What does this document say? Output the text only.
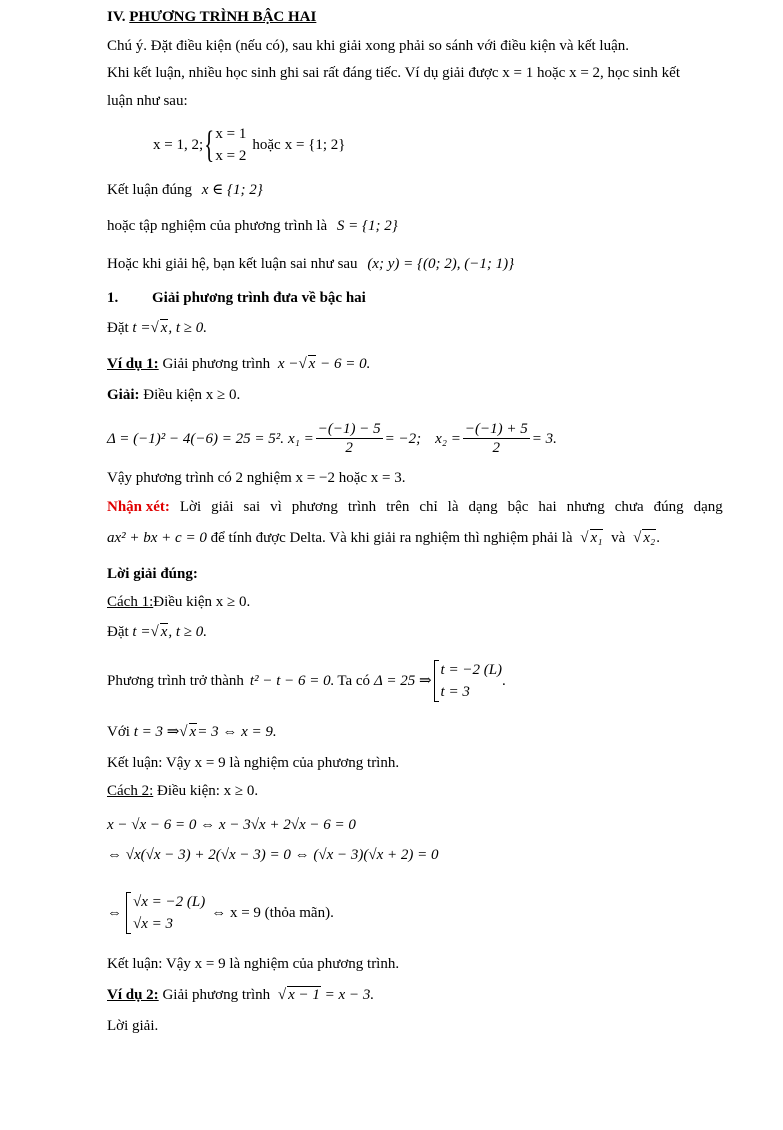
IV. PHƯƠNG TRÌNH BẬC HAI
Chú ý. Đặt điều kiện (nếu có), sau khi giải xong phải so sánh với điều kiện và kết luận.
Khi kết luận, nhiều học sinh ghi sai rất đáng tiếc. Ví dụ giải được x = 1 hoặc x = 2, học sinh kết
luận như sau:
x = 1, 2; { x = 1
x = 2
hoặc x = {1; 2}
Kết luận đúng x ∈ {1; 2}
hoặc tập nghiệm của phương trình là S = {1; 2}
Hoặc khi giải hệ, bạn kết luận sai như sau (x; y) = {(0; 2), (−1; 1)}
1. Giải phương trình đưa về bậc hai
Đặt t =√ x, t ≥ 0.
Ví dụ 1: Giải phương trình x −√ x − 6 = 0.
Giải: Điều kiện x ≥ 0.
Δ = (−1)² − 4(−6) = 25 = 5². $x_1 = \frac{-(-1) - 5}{2} = -2$; $x_2 = \frac{-(-1) + 5}{2} = 3$.
Vậy phương trình có 2 nghiệm x = −2 hoặc x = 3.
Nhận xét: Lời giải sai vì phương trình trên chỉ là dạng bậc hai nhưng chưa đúng dạng
ax² + bx + c = 0 để tính được Delta. Và khi giải ra nghiệm thì nghiệm phải là √ x₁ và √ x₂.
Lời giải đúng:
Cách 1:Điều kiện x ≥ 0.
Đặt t =√ x, t ≥ 0.
Phương trình trở thành t² − t − 6 = 0. Ta có Δ = 25 ⇒
t = −2 (L)
t = 3
.
Với t = 3 ⇒√ x= 3 ⇔ x = 9.
Kết luận: Vậy x = 9 là nghiệm của phương trình.
Cách 2: Điều kiện: x ≥ 0.
x − √x − 6 = 0 ⇔ x − 3√x + 2√x − 6 = 0
⇔ √x(√x − 3) + 2(√x − 3) = 0 ⇔ (√x − 3)(√x + 2) = 0
⇔
√x = −2 (L)
√x = 3
⇔ x = 9 (thỏa mãn).
Kết luận: Vậy x = 9 là nghiệm của phương trình.
Ví dụ 2: Giải phương trình √ x − 1 = x − 3.
Lời giải.
